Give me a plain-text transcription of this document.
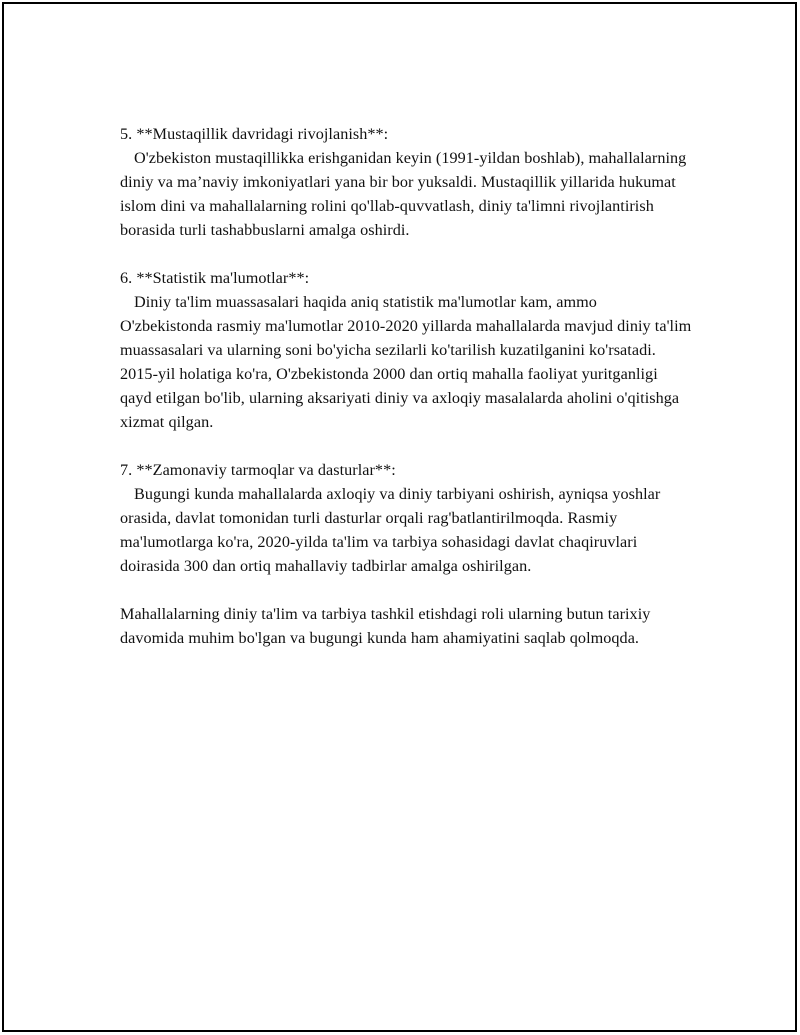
5. **Mustaqillik davridagi rivojlanish**:
O'zbekiston mustaqillikka erishganidan keyin (1991-yildan boshlab), mahallalarning diniy va ma’naviy imkoniyatlari yana bir bor yuksaldi. Mustaqillik yillarida hukumat islom dini va mahallalarning rolini qo'llab-quvvatlash, diniy ta'limni rivojlantirish borasida turli tashabbuslarni amalga oshirdi.
6. **Statistik ma'lumotlar**:
Diniy ta'lim muassasalari haqida aniq statistik ma'lumotlar kam, ammo O'zbekistonda rasmiy ma'lumotlar 2010-2020 yillarda mahallalarda mavjud diniy ta'lim muassasalari va ularning soni bo'yicha sezilarli ko'tarilish kuzatilganini ko'rsatadi. 2015-yil holatiga ko'ra, O'zbekistonda 2000 dan ortiq mahalla faoliyat yuritganligi qayd etilgan bo'lib, ularning aksariyati diniy va axloqiy masalalarda aholini o'qitishga xizmat qilgan.
7. **Zamonaviy tarmoqlar va dasturlar**:
Bugungi kunda mahallalarda axloqiy va diniy tarbiyani oshirish, ayniqsa yoshlar orasida, davlat tomonidan turli dasturlar orqali rag'batlantirilmoqda. Rasmiy ma'lumotlarga ko'ra, 2020-yilda ta'lim va tarbiya sohasidagi davlat chaqiruvlari doirasida 300 dan ortiq mahallaviy tadbirlar amalga oshirilgan.
Mahallalarning diniy ta'lim va tarbiya tashkil etishdagi roli ularning butun tarixiy davomida muhim bo'lgan va bugungi kunda ham ahamiyatini saqlab qolmoqda.
